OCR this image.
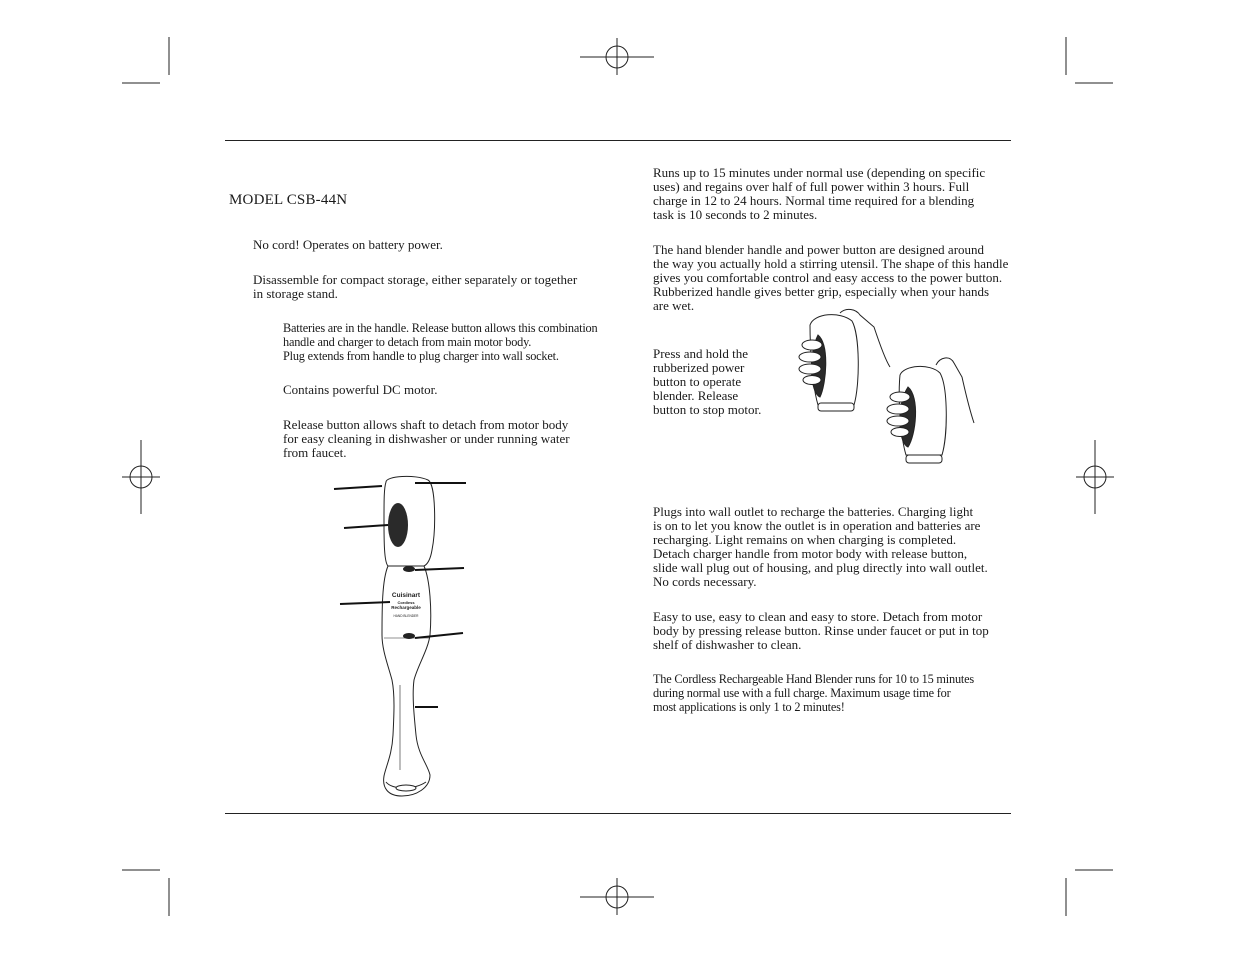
MODEL CSB-44N
No cord! Operates on battery power.
Disassemble for compact storage, either separately or together
in storage stand.
Batteries are in the handle. Release button allows this combination
handle and charger to detach from main motor body.
Plug extends from handle to plug charger into wall socket.
Contains powerful DC motor.
Release button allows shaft to detach from motor body
for easy cleaning in dishwasher or under running water
from faucet.
Cuisinart
Cordless
Rechargeable
HAND BLENDER
Runs up to 15 minutes under normal use (depending on specific
uses) and regains over half of full power within 3 hours. Full
charge in 12 to 24 hours. Normal time required for a blending
task is 10 seconds to 2 minutes.
The hand blender handle and power button are designed around
the way you actually hold a stirring utensil. The shape of this handle
gives you comfortable control and easy access to the power button.
Rubberized handle gives better grip, especially when your hands
are wet.
Press and hold the
rubberized power
button to operate
blender. Release
button to stop motor.
Plugs into wall outlet to recharge the batteries. Charging light
is on to let you know the outlet is in operation and batteries are
recharging. Light remains on when charging is completed.
Detach charger handle from motor body with release button,
slide wall plug out of housing, and plug directly into wall outlet.
No cords necessary.
Easy to use, easy to clean and easy to store. Detach from motor
body by pressing release button. Rinse under faucet or put in top
shelf of dishwasher to clean.
The Cordless Rechargeable Hand Blender runs for 10 to 15 minutes
during normal use with a full charge. Maximum usage time for
most applications is only 1 to 2 minutes!
